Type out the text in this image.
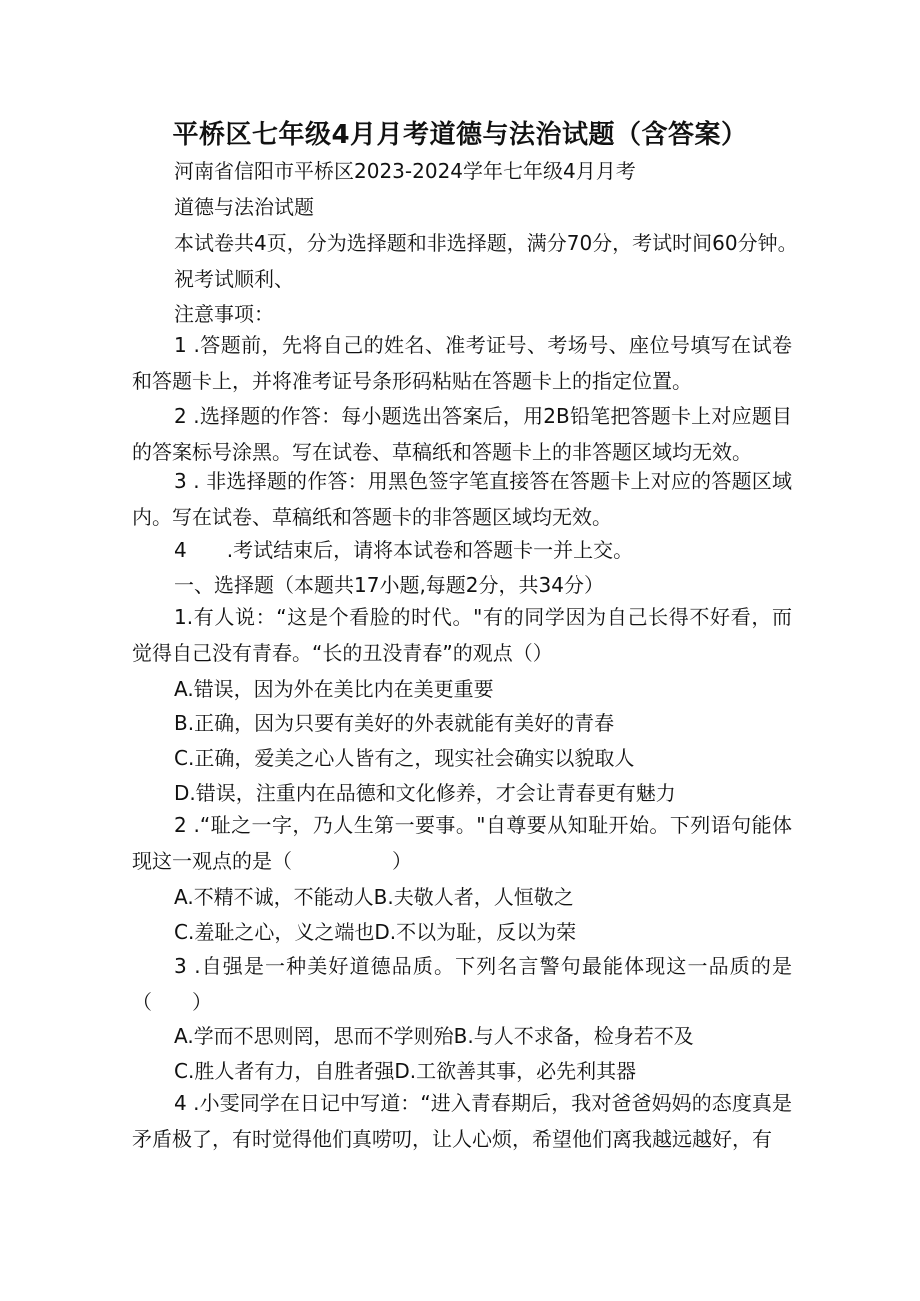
平桥区七年级4月月考道德与法治试题（含答案）
河南省信阳市平桥区2023-2024学年七年级4月月考
道德与法治试题
本试卷共4页，分为选择题和非选择题，满分70分，考试时间60分钟。
祝考试顺利、
注意事项：
1 .答题前，先将自己的姓名、准考证号、考场号、座位号填写在试卷和答题卡上，并将准考证号条形码粘贴在答题卡上的指定位置。
2 .选择题的作答：每小题选出答案后，用2B铅笔把答题卡上对应题目的答案标号涂黑。写在试卷、草稿纸和答题卡上的非答题区域均无效。
3 . 非选择题的作答：用黑色签字笔直接答在答题卡上对应的答题区域内。写在试卷、草稿纸和答题卡的非答题区域均无效。
4　　.考试结束后，请将本试卷和答题卡一并上交。
一、选择题（本题共17小题,每题2分，共34分）
1.有人说：“这是个看脸的时代。"有的同学因为自己长得不好看，而觉得自己没有青春。“长的丑没青春”的观点（）
A.错误，因为外在美比内在美更重要
B.正确，因为只要有美好的外表就能有美好的青春
C.正确，爱美之心人皆有之，现实社会确实以貌取人
D.错误，注重内在品德和文化修养，才会让青春更有魅力
2 .“耻之一字，乃人生第一要事。"自尊要从知耻开始。下列语句能体现这一观点的是（　　　　　）
A.不精不诚，不能动人B.夫敬人者，人恒敬之
C.羞耻之心，义之端也D.不以为耻，反以为荣
3 .自强是一种美好道德品质。下列名言警句最能体现这一品质的是（　　）
A.学而不思则罔，思而不学则殆B.与人不求备，检身若不及
C.胜人者有力，自胜者强D.工欲善其事，必先利其器
4 .小雯同学在日记中写道：“进入青春期后，我对爸爸妈妈的态度真是矛盾极了，有时觉得他们真唠叨，让人心烦，希望他们离我越远越好，有
